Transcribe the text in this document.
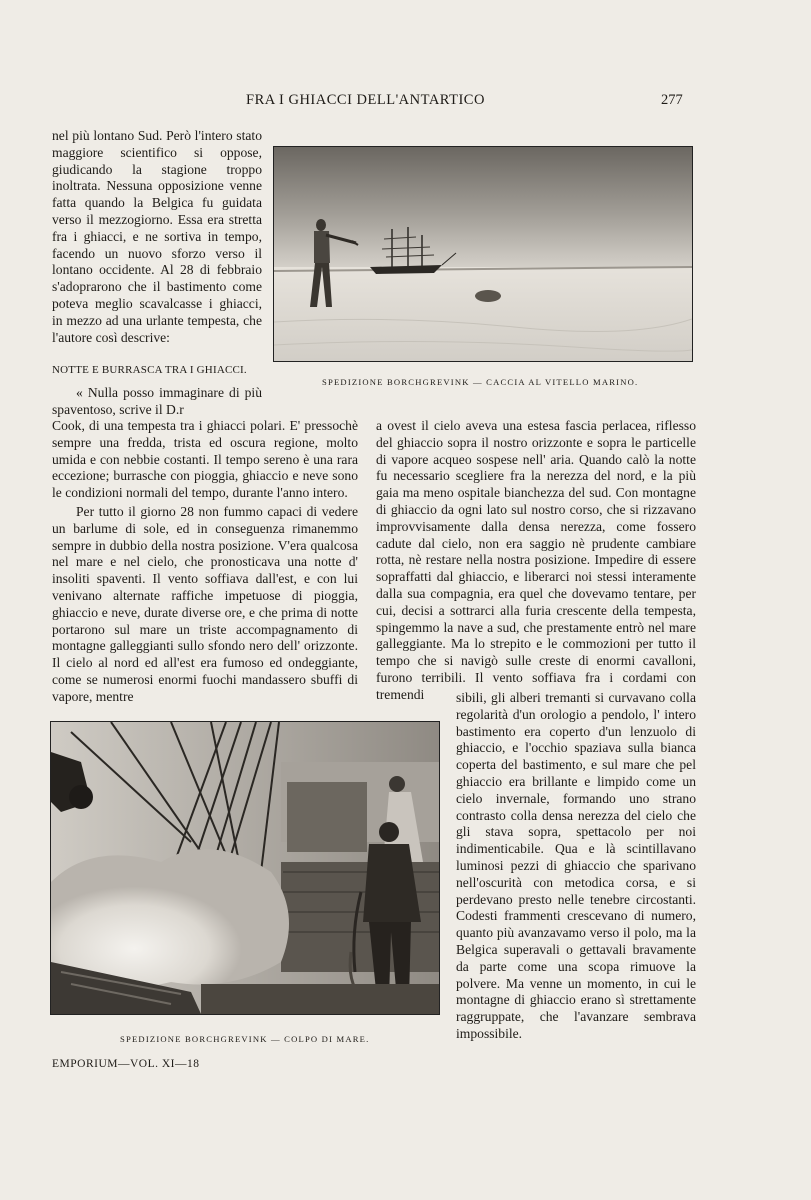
FRA I GHIACCI DELL'ANTARTICO	277

nel più lontano Sud. Però l'intero stato maggiore scientifico si oppose, giudicando la stagione troppo inoltrata. Nessuna opposizione venne fatta quando la Belgica fu guidata verso il mezzogiorno. Essa era stretta fra i ghiacci, e ne sortiva in tempo, facendo un nuovo sforzo verso il lontano occidente. Al 28 di febbraio s'adoprarono che il bastimento come poteva meglio scavalcasse i ghiacci, in mezzo ad una urlante tempesta, che l'autore così descrive:

NOTTE E BURRASCA TRA I GHIACCI.

« Nulla posso immaginare di più spaventoso, scrive il D.r

SPEDIZIONE BORCHGREVINK — CACCIA AL VITELLO MARINO.

Cook, di una tempesta tra i ghiacci polari. E' pressochè sempre una fredda, trista ed oscura regione, molto umida e con nebbie costanti. Il tempo sereno è una rara eccezione; burrasche con pioggia, ghiaccio e neve sono le condizioni normali del tempo, durante l'anno intero.

Per tutto il giorno 28 non fummo capaci di vedere un barlume di sole, ed in conseguenza rimanemmo sempre in dubbio della nostra posizione. V'era qualcosa nel mare e nel cielo, che pronosticava una notte d' insoliti spaventi. Il vento soffiava dall'est, e con lui venivano alternate raffiche impetuose di pioggia, ghiaccio e neve, durate diverse ore, e che prima di notte portarono sul mare un triste accompagnamento di montagne galleggianti sullo sfondo nero dell' orizzonte. Il cielo al nord ed all'est era fumoso ed ondeggiante, come se numerosi enormi fuochi mandassero sbuffi di vapore, mentre

a ovest il cielo aveva una estesa fascia perlacea, riflesso del ghiaccio sopra il nostro orizzonte e sopra le particelle di vapore acqueo sospese nell' aria. Quando calò la notte fu necessario scegliere fra la nerezza del nord, e la più gaia ma meno ospitale bianchezza del sud. Con montagne di ghiaccio da ogni lato sul nostro corso, che si rizzavano improvvisamente dalla densa nerezza, come fossero cadute dal cielo, non era saggio nè prudente cambiare rotta, nè restare nella nostra posizione. Impedire di essere sopraffatti dal ghiaccio, e liberarci noi stessi interamente dalla sua compagnia, era quel che dovevamo tentare, per cui, decisi a sottrarci alla furia crescente della tempesta, spingemmo la nave a sud, che prestamente entrò nel mare galleggiante. Ma lo strepito e le commozioni per tutto il tempo che si navigò sulle creste di enormi cavalloni, furono terribili. Il vento soffiava fra i cordami con tremendi	sibili, gli alberi tremanti si curvavano colla regolarità d'un orologio a pendolo, l' intero bastimento era coperto d'un lenzuolo di ghiaccio, e l'occhio spaziava sulla bianca coperta del bastimento, e sul mare che pel ghiaccio era brillante e limpido come un cielo invernale, formando uno strano contrasto colla densa nerezza del cielo che gli stava sopra, spettacolo per noi indimenticabile. Qua e là scintillavano luminosi pezzi di ghiaccio che sparivano nell'oscurità con metodica corsa, e si perdevano presto nelle tenebre circostanti. Codesti frammenti crescevano di numero, quanto più avanzavamo verso il polo, ma la Belgica superavali o gettavali bravamente da parte come una scopa rimuove la polvere. Ma venne un momento, in cui le montagne di ghiaccio erano sì strettamente raggruppate, che l'avanzare sembrava impossibile.

SPEDIZIONE BORCHGREVINK — COLPO DI MARE.
EMPORIUM—VOL. XI—18
